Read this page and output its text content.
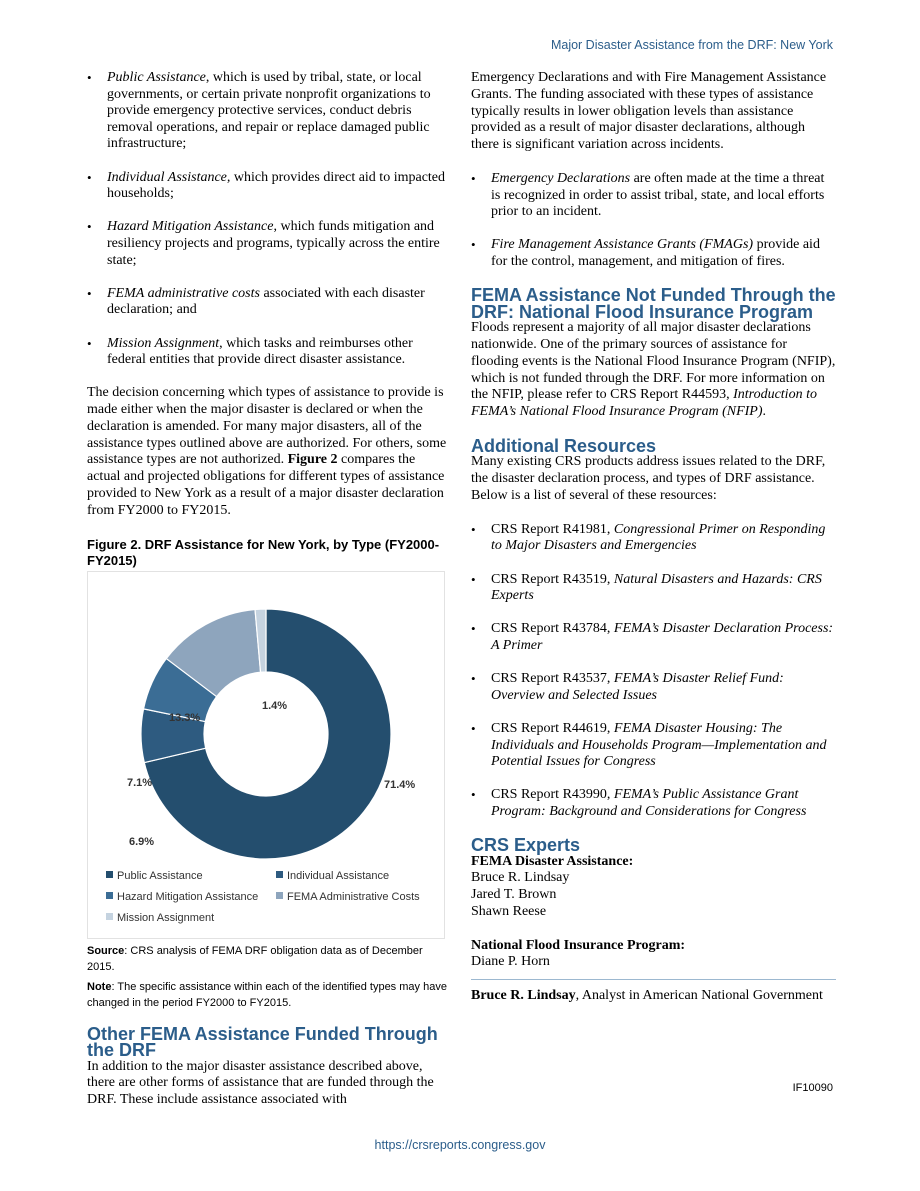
Major Disaster Assistance from the DRF: New York
• Public Assistance, which is used by tribal, state, or local governments, or certain private nonprofit organizations to provide emergency protective services, conduct debris removal operations, and repair or replace damaged public infrastructure;
• Individual Assistance, which provides direct aid to impacted households;
• Hazard Mitigation Assistance, which funds mitigation and resiliency projects and programs, typically across the entire state;
• FEMA administrative costs associated with each disaster declaration; and
• Mission Assignment, which tasks and reimburses other federal entities that provide direct disaster assistance.

The decision concerning which types of assistance to provide is made either when the major disaster is declared or when the declaration is amended. For many major disasters, all of the assistance types outlined above are authorized. For others, some assistance types are not authorized. Figure 2 compares the actual and projected obligations for different types of assistance provided to New York as a result of a major disaster declaration from FY2000 to FY2015.

Figure 2. DRF Assistance for New York, by Type (FY2000-FY2015)

71.4%
6.9%
7.1%
13.3%
1.4%
Public Assistance	Individual Assistance
Hazard Mitigation Assistance	FEMA Administrative Costs
Mission Assignment

Source: CRS analysis of FEMA DRF obligation data as of December 2015.

Note: The specific assistance within each of the identified types may have changed in the period FY2000 to FY2015.

Other FEMA Assistance Funded Through the DRF

In addition to the major disaster assistance described above, there are other forms of assistance that are funded through the DRF. These include assistance associated with

Emergency Declarations and with Fire Management Assistance Grants. The funding associated with these types of assistance typically results in lower obligation levels than assistance provided as a result of major disaster declarations, although there is significant variation across incidents.

• Emergency Declarations are often made at the time a threat is recognized in order to assist tribal, state, and local efforts prior to an incident.
• Fire Management Assistance Grants (FMAGs) provide aid for the control, management, and mitigation of fires.
FEMA Assistance Not Funded Through the DRF: National Flood Insurance Program

Floods represent a majority of all major disaster declarations nationwide. One of the primary sources of assistance for flooding events is the National Flood Insurance Program (NFIP), which is not funded through the DRF. For more information on the NFIP, please refer to CRS Report R44593, Introduction to FEMA’s National Flood Insurance Program (NFIP).

Additional Resources

Many existing CRS products address issues related to the DRF, the disaster declaration process, and types of DRF assistance. Below is a list of several of these resources:

• CRS Report R41981, Congressional Primer on Responding to Major Disasters and Emergencies
• CRS Report R43519, Natural Disasters and Hazards: CRS Experts
• CRS Report R43784, FEMA’s Disaster Declaration Process: A Primer
• CRS Report R43537, FEMA’s Disaster Relief Fund: Overview and Selected Issues
• CRS Report R44619, FEMA Disaster Housing: The Individuals and Households Program—Implementation and Potential Issues for Congress
• CRS Report R43990, FEMA’s Public Assistance Grant Program: Background and Considerations for Congress
CRS Experts

FEMA Disaster Assistance:

Bruce R. Lindsay

Jared T. Brown

Shawn Reese

National Flood Insurance Program:

Diane P. Horn

Bruce R. Lindsay, Analyst in American National Government

IF10090
https://crsreports.congress.gov
